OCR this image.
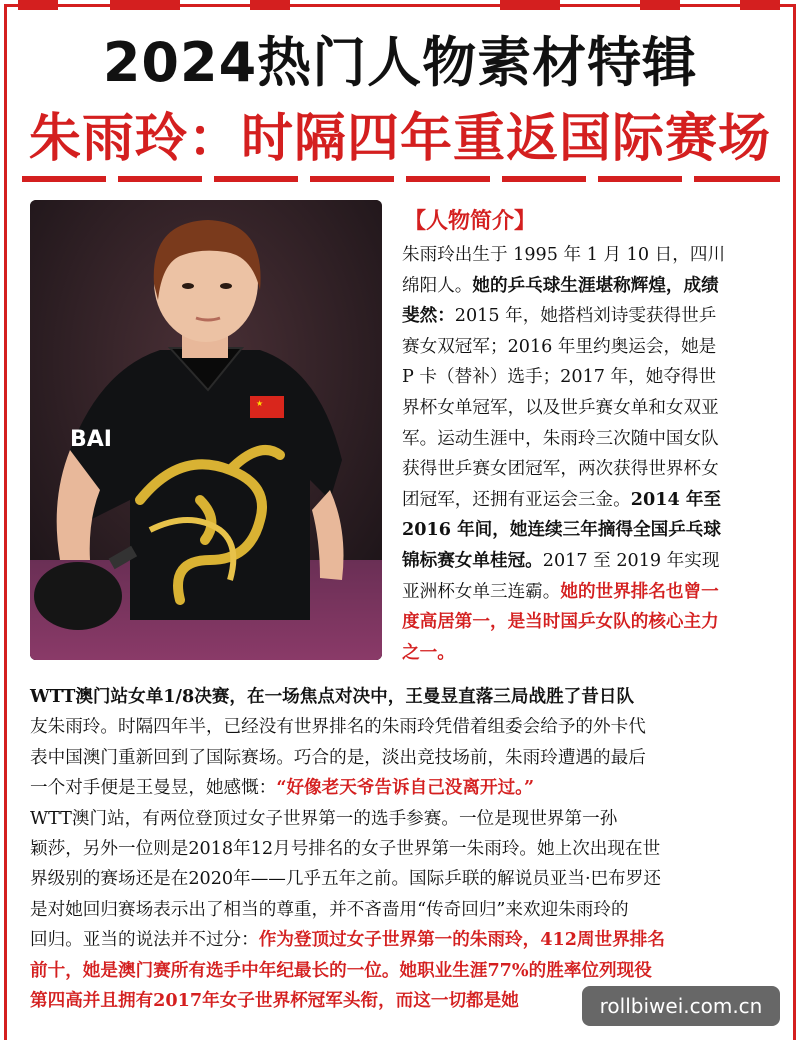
2024热门人物素材特辑
朱雨玲：时隔四年重返国际赛场
★
BAI
【人物简介】
朱雨玲出生于 1995 年 1 月 10 日，四川
绵阳人。她的乒乓球生涯堪称辉煌，成绩
斐然：2015 年，她搭档刘诗雯获得世乒
赛女双冠军；2016 年里约奥运会，她是
P 卡（替补）选手；2017 年，她夺得世
界杯女单冠军，以及世乒赛女单和女双亚
军。运动生涯中，朱雨玲三次随中国女队
获得世乒赛女团冠军，两次获得世界杯女
团冠军，还拥有亚运会三金。2014 年至
2016 年间，她连续三年摘得全国乒乓球
锦标赛女单桂冠。2017 至 2019 年实现
亚洲杯女单三连霸。她的世界排名也曾一
度高居第一，是当时国乒女队的核心主力
之一。
WTT澳门站女单1/8决赛，在一场焦点对决中，王曼昱直落三局战胜了昔日队
友朱雨玲。时隔四年半，已经没有世界排名的朱雨玲凭借着组委会给予的外卡代
表中国澳门重新回到了国际赛场。巧合的是，淡出竞技场前，朱雨玲遭遇的最后
一个对手便是王曼昱，她感慨：“好像老天爷告诉自己没离开过。”
WTT澳门站，有两位登顶过女子世界第一的选手参赛。一位是现世界第一孙
颖莎，另外一位则是2018年12月号排名的女子世界第一朱雨玲。她上次出现在世
界级别的赛场还是在2020年——几乎五年之前。国际乒联的解说员亚当·巴布罗还
是对她回归赛场表示出了相当的尊重，并不吝啬用“传奇回归”来欢迎朱雨玲的
回归。亚当的说法并不过分：作为登顶过女子世界第一的朱雨玲，412周世界排名
前十，她是澳门赛所有选手中年纪最长的一位。她职业生涯77%的胜率位列现役
第四高并且拥有2017年女子世界杯冠军头衔，而这一切都是她	rollbiwei.com.cn
